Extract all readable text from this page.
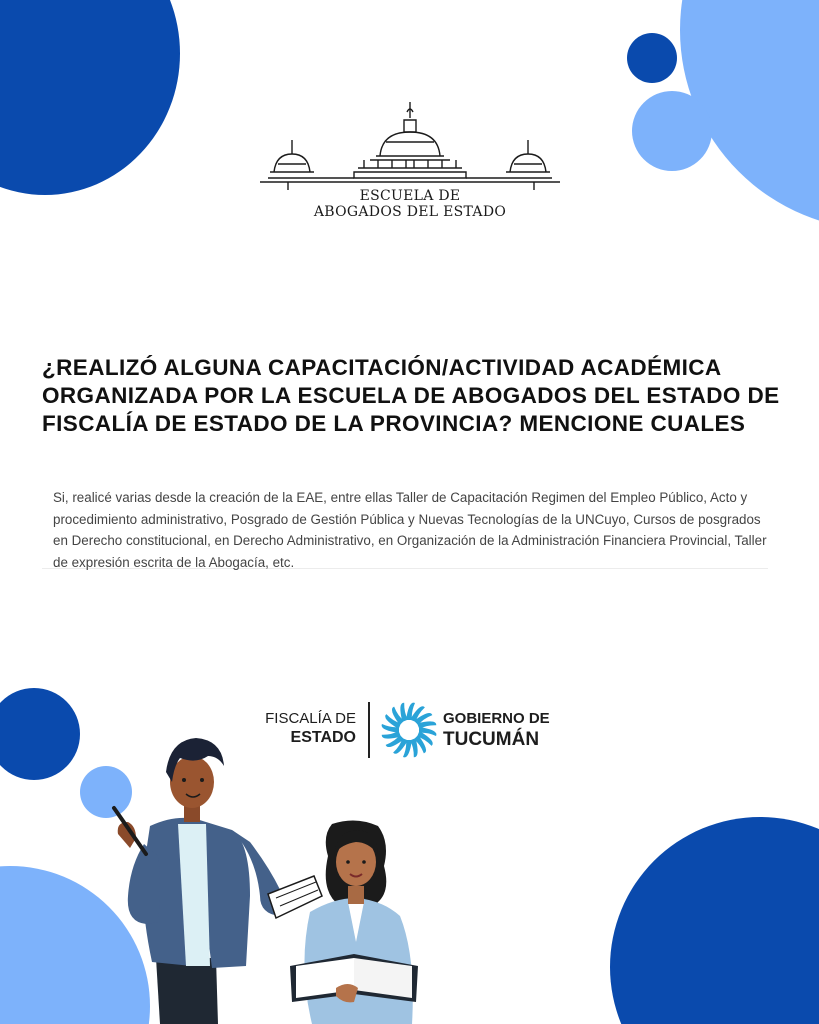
ESCUELA DE
ABOGADOS DEL ESTADO
¿REALIZÓ ALGUNA CAPACITACIÓN/ACTIVIDAD ACADÉMICA ORGANIZADA POR LA ESCUELA DE ABOGADOS DEL ESTADO DE FISCALÍA DE ESTADO DE LA PROVINCIA? MENCIONE CUALES
Si, realicé varias desde la creación de la EAE, entre ellas Taller de Capacitación Regimen del Empleo Público, Acto y procedimiento administrativo, Posgrado de Gestión Pública y Nuevas Tecnologías de la UNCuyo, Cursos de posgrados en Derecho constitucional, en Derecho Administrativo, en Organización de la Administración Financiera Provincial, Taller de expresión escrita de la Abogacía, etc.
FISCALÍA DE
ESTADO
GOBIERNO DE
TUCUMÁN
